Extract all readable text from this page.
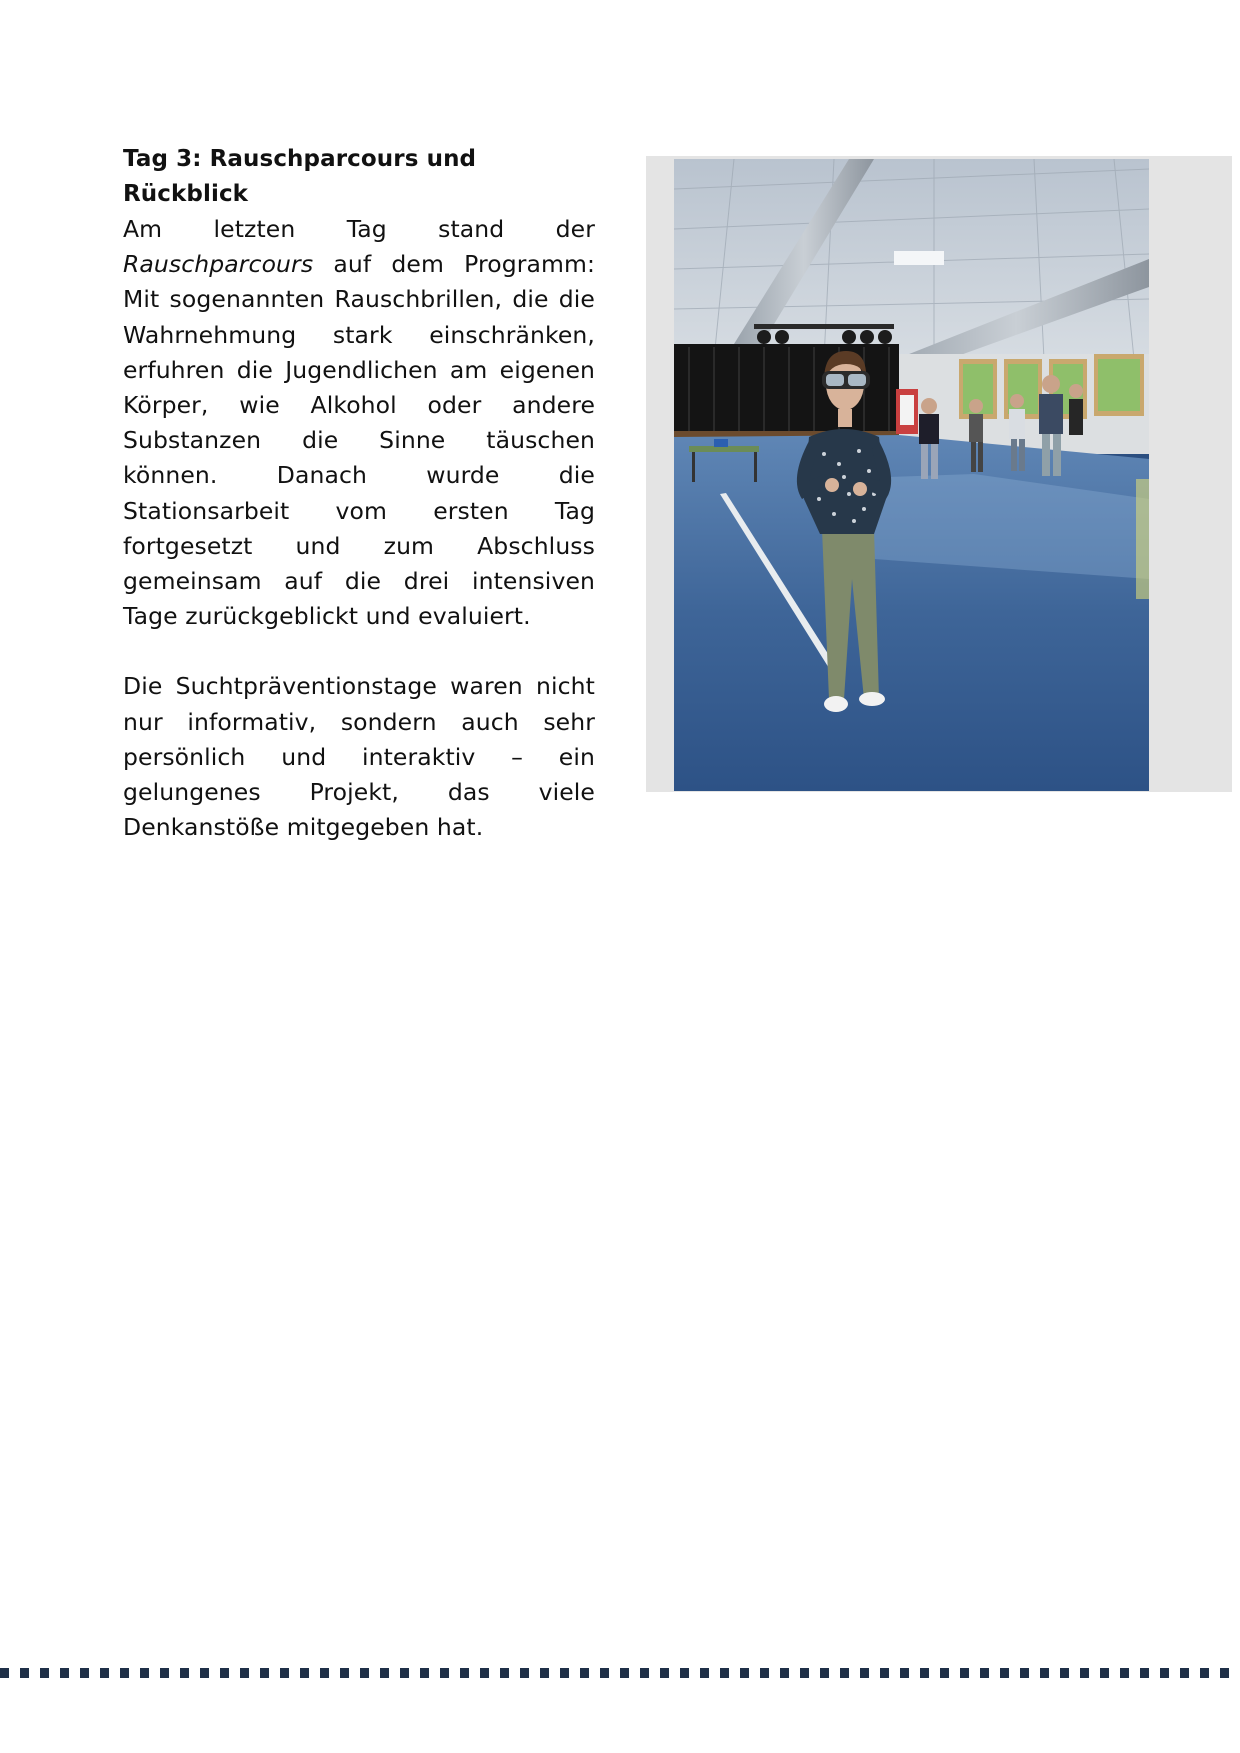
Tag 3: Rauschparcours und Rückblick

Am letzten Tag stand der Rauschparcours auf dem Programm: Mit sogenannten Rauschbrillen, die die Wahrnehmung stark einschränken, erfuhren die Jugendlichen am eigenen Körper, wie Alkohol oder andere Substanzen die Sinne täuschen können. Danach wurde die Stationsarbeit vom ersten Tag fortgesetzt und zum Abschluss gemeinsam auf die drei intensiven Tage zurückgeblickt und evaluiert.

Die Suchtpräventionstage waren nicht nur informativ, sondern auch sehr persönlich und interaktiv – ein gelungenes Projekt, das viele Denkanstöße mitgegeben hat.
